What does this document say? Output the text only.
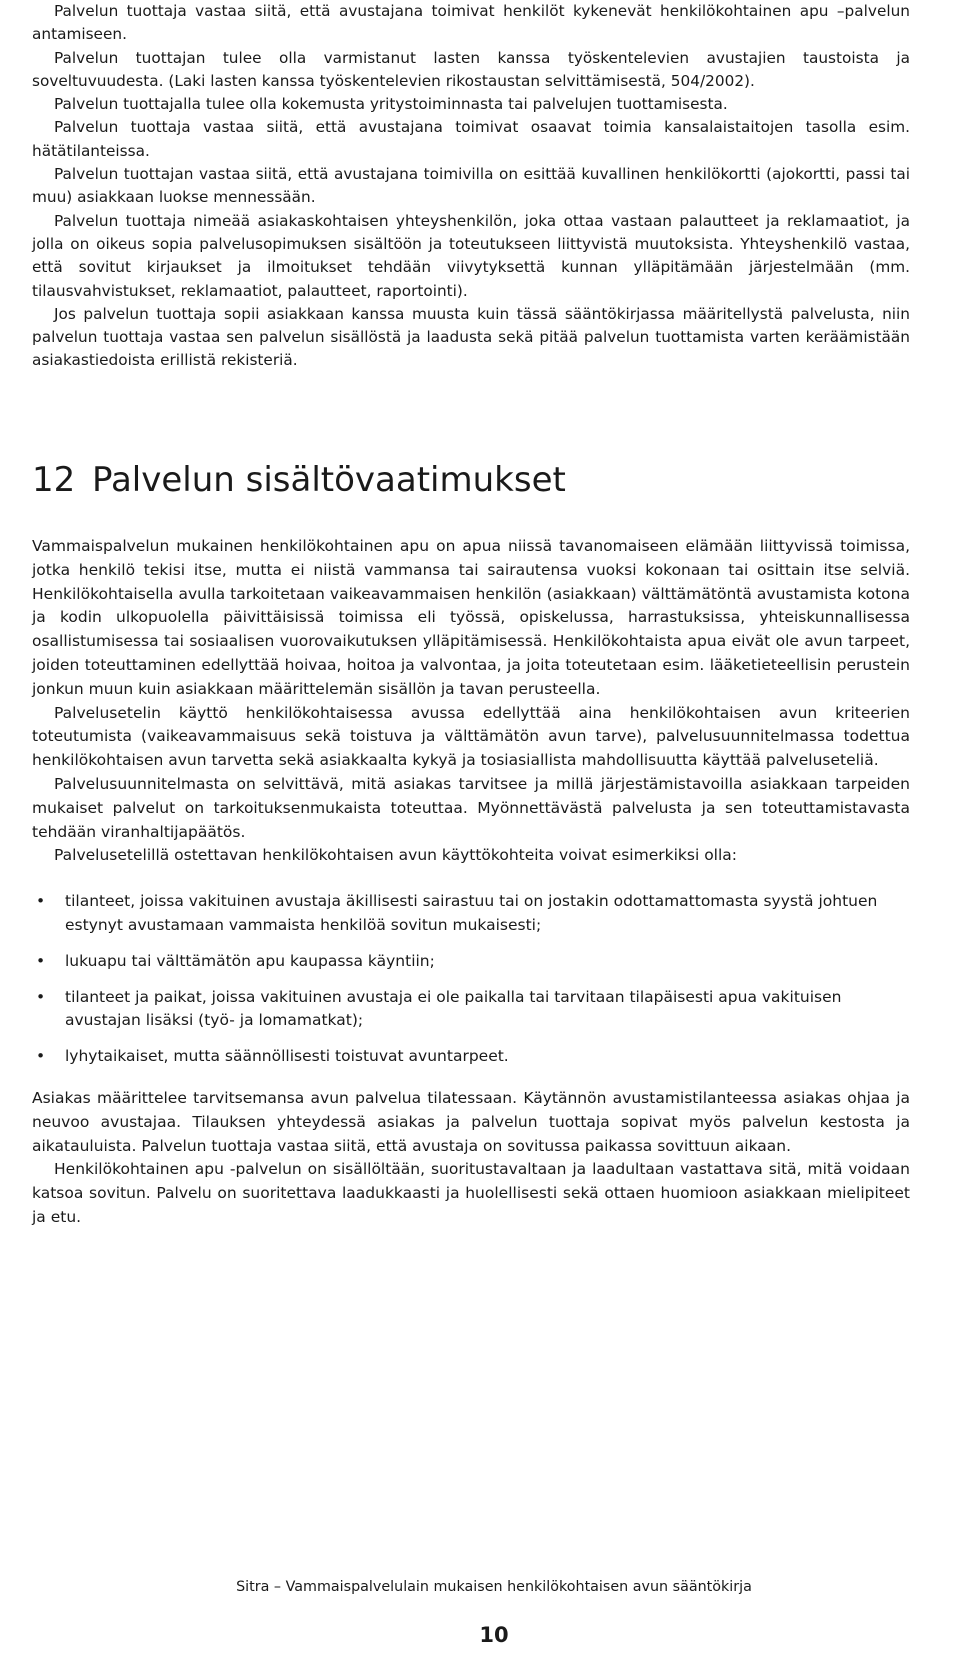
Palvelun tuottaja vastaa siitä, että avustajana toimivat henkilöt kykenevät henkilökohtainen apu –palvelun antamiseen.

Palvelun tuottajan tulee olla varmistanut lasten kanssa työskentelevien avustajien taustoista ja soveltuvuudesta. (Laki lasten kanssa työskentelevien rikostaustan selvittämisestä, 504/2002).

Palvelun tuottajalla tulee olla kokemusta yritystoiminnasta tai palvelujen tuottamisesta.

Palvelun tuottaja vastaa siitä, että avustajana toimivat osaavat toimia kansalaistaitojen tasolla esim. hätätilanteissa.

Palvelun tuottajan vastaa siitä, että avustajana toimivilla on esittää kuvallinen henkilökortti (ajokortti, passi tai muu) asiakkaan luokse mennessään.

Palvelun tuottaja nimeää asiakaskohtaisen yhteyshenkilön, joka ottaa vastaan palautteet ja reklamaatiot, ja jolla on oikeus sopia palvelusopimuksen sisältöön ja toteutukseen liittyvistä muutoksista. Yhteyshenkilö vastaa, että sovitut kirjaukset ja ilmoitukset tehdään viivytyksettä kunnan ylläpitämään järjestelmään (mm. tilausvahvistukset, reklamaatiot, palautteet, raportointi).

Jos palvelun tuottaja sopii asiakkaan kanssa muusta kuin tässä sääntökirjassa määritellystä palvelusta, niin palvelun tuottaja vastaa sen palvelun sisällöstä ja laadusta sekä pitää palvelun tuottamista varten keräämistään asiakastiedoista erillistä rekisteriä.

12 Palvelun sisältövaatimukset

Vammaispalvelun mukainen henkilökohtainen apu on apua niissä tavanomaiseen elämään liittyvissä toimissa, jotka henkilö tekisi itse, mutta ei niistä vammansa tai sairautensa vuoksi kokonaan tai osittain itse selviä. Henkilökohtaisella avulla tarkoitetaan vaikeavammaisen henkilön (asiakkaan) välttämätöntä avustamista kotona ja kodin ulkopuolella päivittäisissä toimissa eli työssä, opiskelussa, harrastuksissa, yhteiskunnallisessa osallistumisessa tai sosiaalisen vuorovaikutuksen ylläpitämisessä. Henkilökohtaista apua eivät ole avun tarpeet, joiden toteuttaminen edellyttää hoivaa, hoitoa ja valvontaa, ja joita toteutetaan esim. lääketieteellisin perustein jonkun muun kuin asiakkaan määrittelemän sisällön ja tavan perusteella.

Palvelusetelin käyttö henkilökohtaisessa avussa edellyttää aina henkilökohtaisen avun kriteerien toteutumista (vaikeavammaisuus sekä toistuva ja välttämätön avun tarve), palvelusuunnitelmassa todettua henkilökohtaisen avun tarvetta sekä asiakkaalta kykyä ja tosiasiallista mahdollisuutta käyttää palveluseteliä.

Palvelusuunnitelmasta on selvittävä, mitä asiakas tarvitsee ja millä järjestämistavoilla asiakkaan tarpeiden mukaiset palvelut on tarkoituksenmukaista toteuttaa. Myönnettävästä palvelusta ja sen toteuttamistavasta tehdään viranhaltijapäätös.

Palvelusetelillä ostettavan henkilökohtaisen avun käyttökohteita voivat esimerkiksi olla:

• tilanteet, joissa vakituinen avustaja äkillisesti sairastuu tai on jostakin odottamattomasta syystä johtuen estynyt avustamaan vammaista henkilöä sovitun mukaisesti;
• lukuapu tai välttämätön apu kaupassa käyntiin;
• tilanteet ja paikat, joissa vakituinen avustaja ei ole paikalla tai tarvitaan tilapäisesti apua vakituisen avustajan lisäksi (työ- ja lomamatkat);
• lyhytaikaiset, mutta säännöllisesti toistuvat avuntarpeet.

Asiakas määrittelee tarvitsemansa avun palvelua tilatessaan. Käytännön avustamistilanteessa asiakas ohjaa ja neuvoo avustajaa. Tilauksen yhteydessä asiakas ja palvelun tuottaja sopivat myös palvelun kestosta ja aikatauluista. Palvelun tuottaja vastaa siitä, että avustaja on sovitussa paikassa sovittuun aikaan.

Henkilökohtainen apu -palvelun on sisällöltään, suoritustavaltaan ja laadultaan vastattava sitä, mitä voidaan katsoa sovitun. Palvelu on suoritettava laadukkaasti ja huolellisesti sekä ottaen huomioon asiakkaan mielipiteet ja etu.

Sitra – Vammaispalvelulain mukaisen henkilökohtaisen avun sääntökirja
10
